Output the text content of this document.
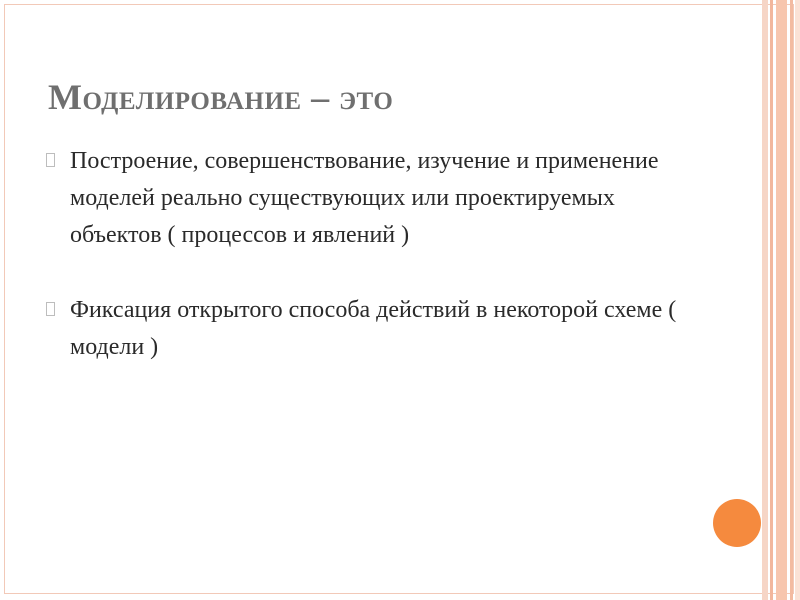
Моделирование – это
Построение, совершенствование, изучение и применение моделей реально существующих или проектируемых объектов ( процессов и явлений )
Фиксация открытого способа действий в некоторой схеме ( модели )
